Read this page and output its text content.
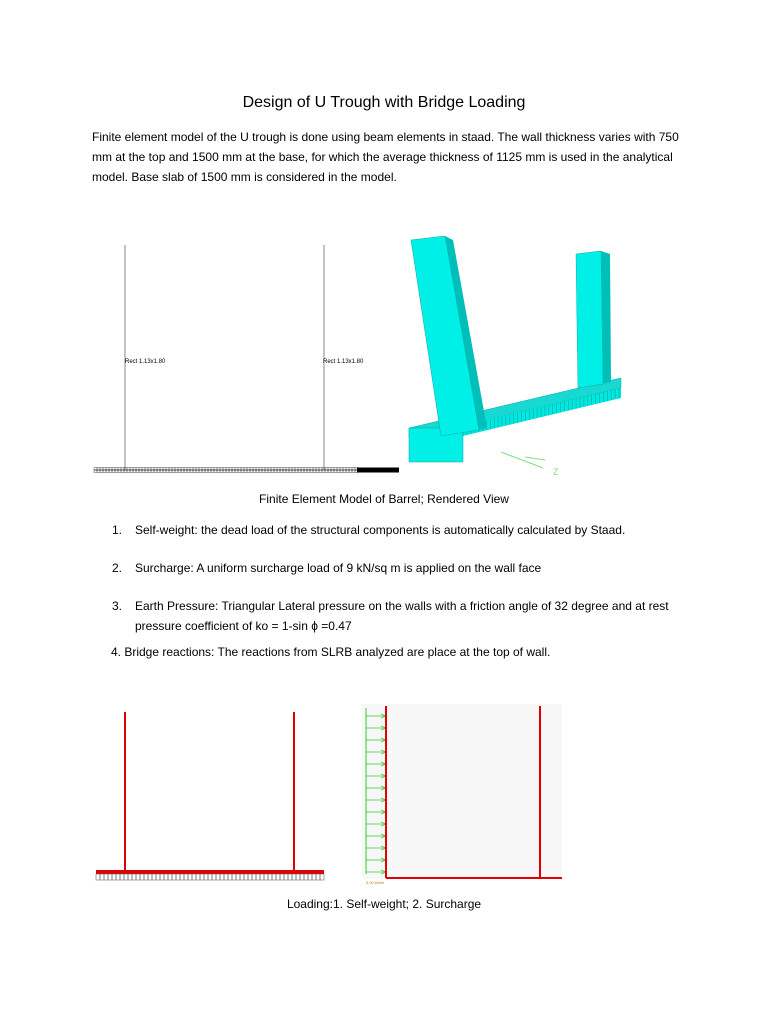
Design of U Trough with Bridge Loading
Finite element model of the U trough is done using beam elements in staad. The wall thickness varies with 750 mm at the top and 1500 mm at the base, for which the average thickness of 1125 mm is used in the analytical model. Base slab of 1500 mm is considered in the model.
Rect 1.13x1.80	Rect 1.13x1.80
Z
Finite Element Model of Barrel; Rendered View
1. Self-weight: the dead load of the structural components is automatically calculated by Staad.
2. Surcharge: A uniform surcharge load of 9 kN/sq m is applied on the wall face
3. Earth Pressure: Triangular Lateral pressure on the walls with a friction angle of 32 degree and at rest pressure coefficient of ko = 1-sin ϕ =0.47
4. Bridge reactions: The reactions from SLRB analyzed are place at the top of wall.
5.00 kN/m
Loading:1. Self-weight; 2. Surcharge
